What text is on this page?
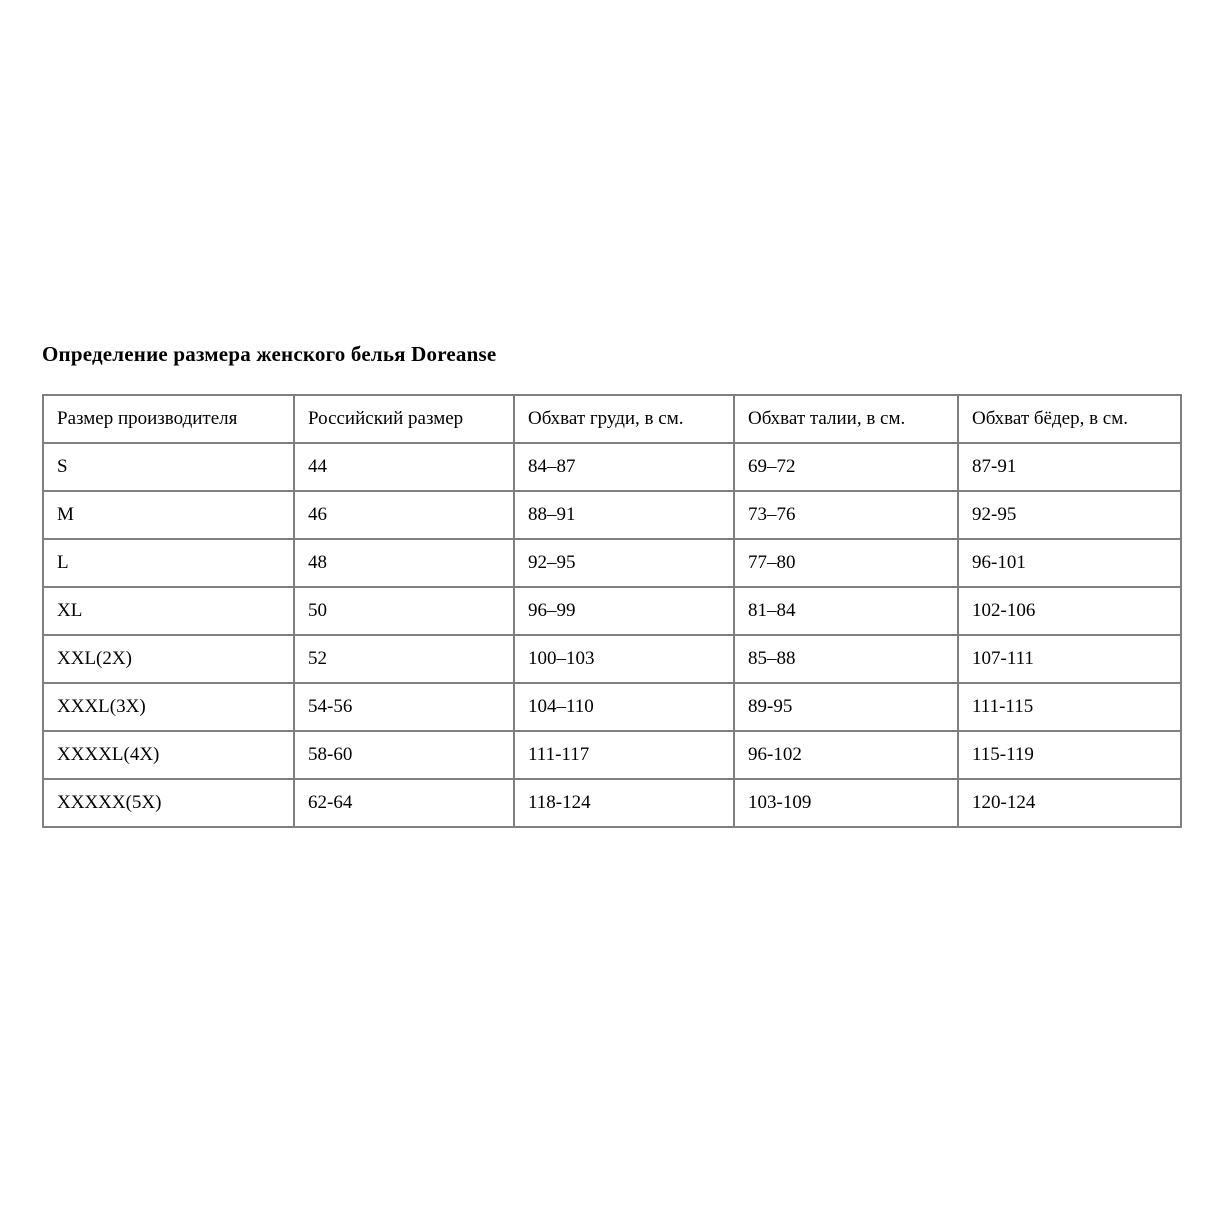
Определение размера женского белья Doreanse

Размер производителя	Российский размер	Обхват груди, в см.	Обхват талии, в см.	Обхват бёдер, в см.
S	44	84–87	69–72	87-91
M	46	88–91	73–76	92-95
L	48	92–95	77–80	96-101
XL	50	96–99	81–84	102-106
XXL(2X)	52	100–103	85–88	107-111
XXXL(3X)	54-56	104–110	89-95	111-115
XXXXL(4X)	58-60	111-117	96-102	115-119
XXXXX(5X)	62-64	118-124	103-109	120-124
